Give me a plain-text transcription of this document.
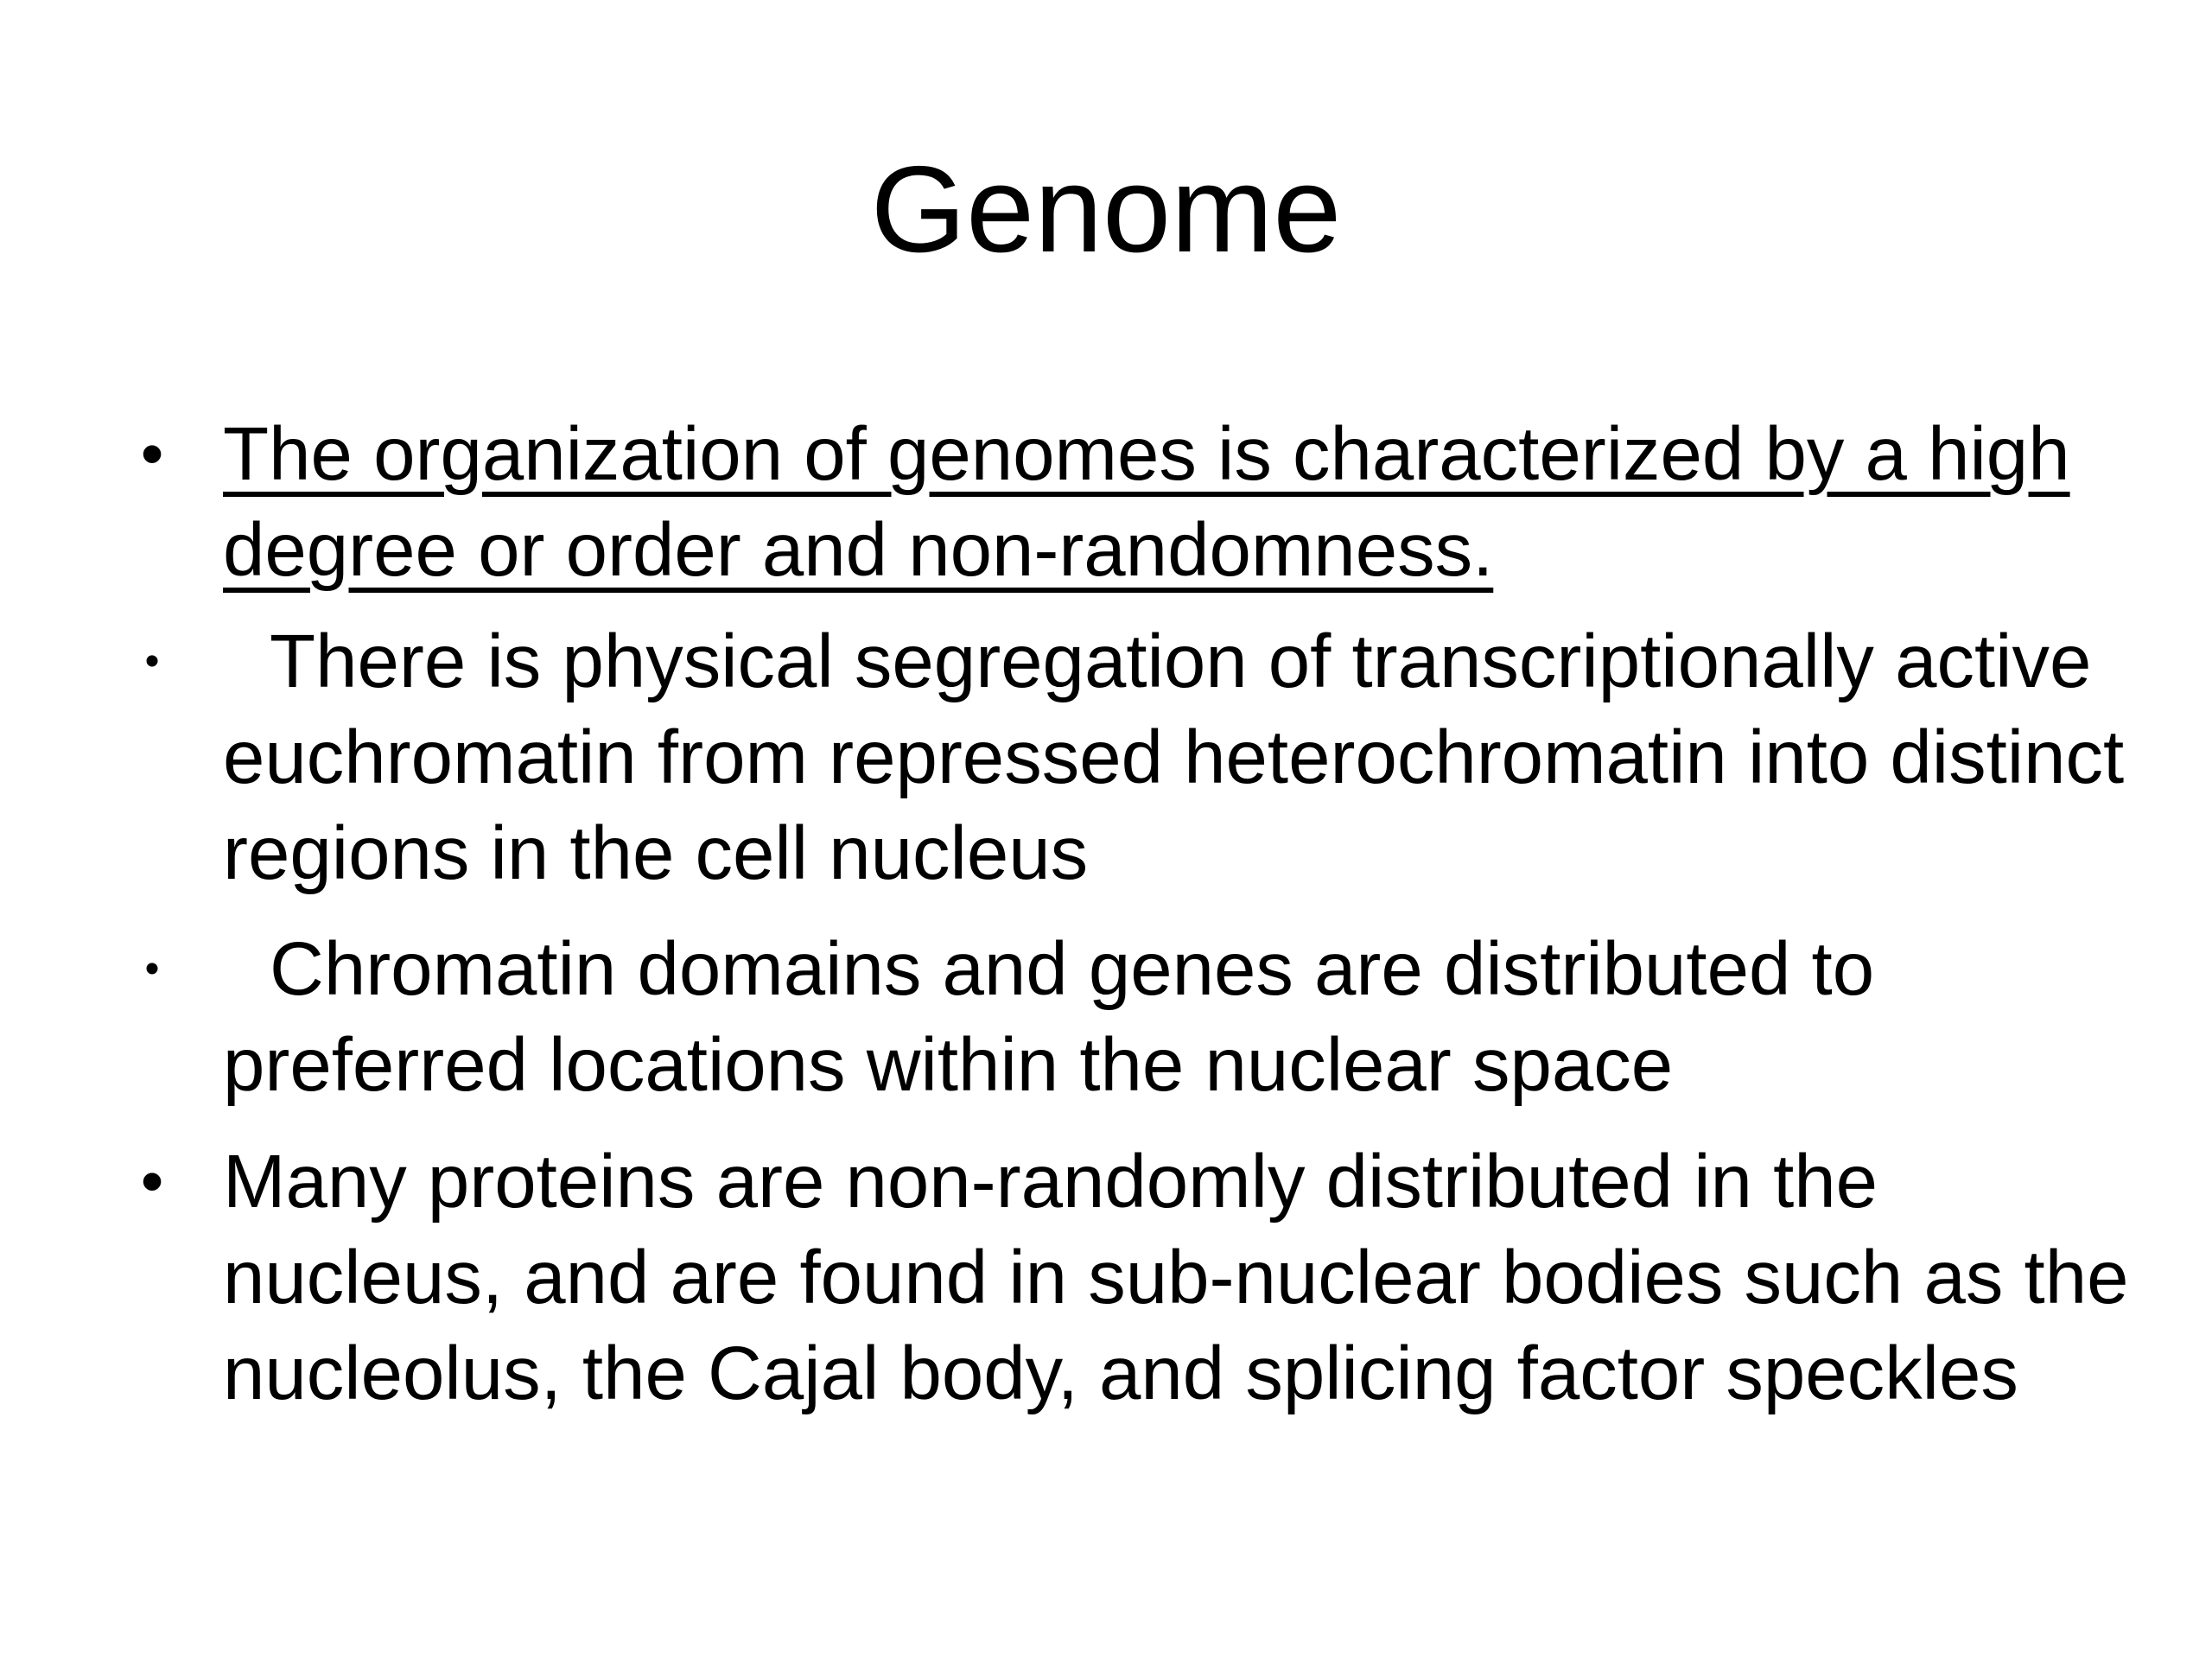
Genome
• The organization of genomes is characterized by a high degree or order and non-randomness.
• There is physical segregation of transcriptionally active euchromatin from repressed heterochromatin into distinct regions in the cell nucleus
• Chromatin domains and genes are distributed to preferred locations within the nuclear space
• Many proteins are non-randomly distributed in the nucleus, and are found in sub-nuclear bodies such as the nucleolus, the Cajal body, and splicing factor speckles
